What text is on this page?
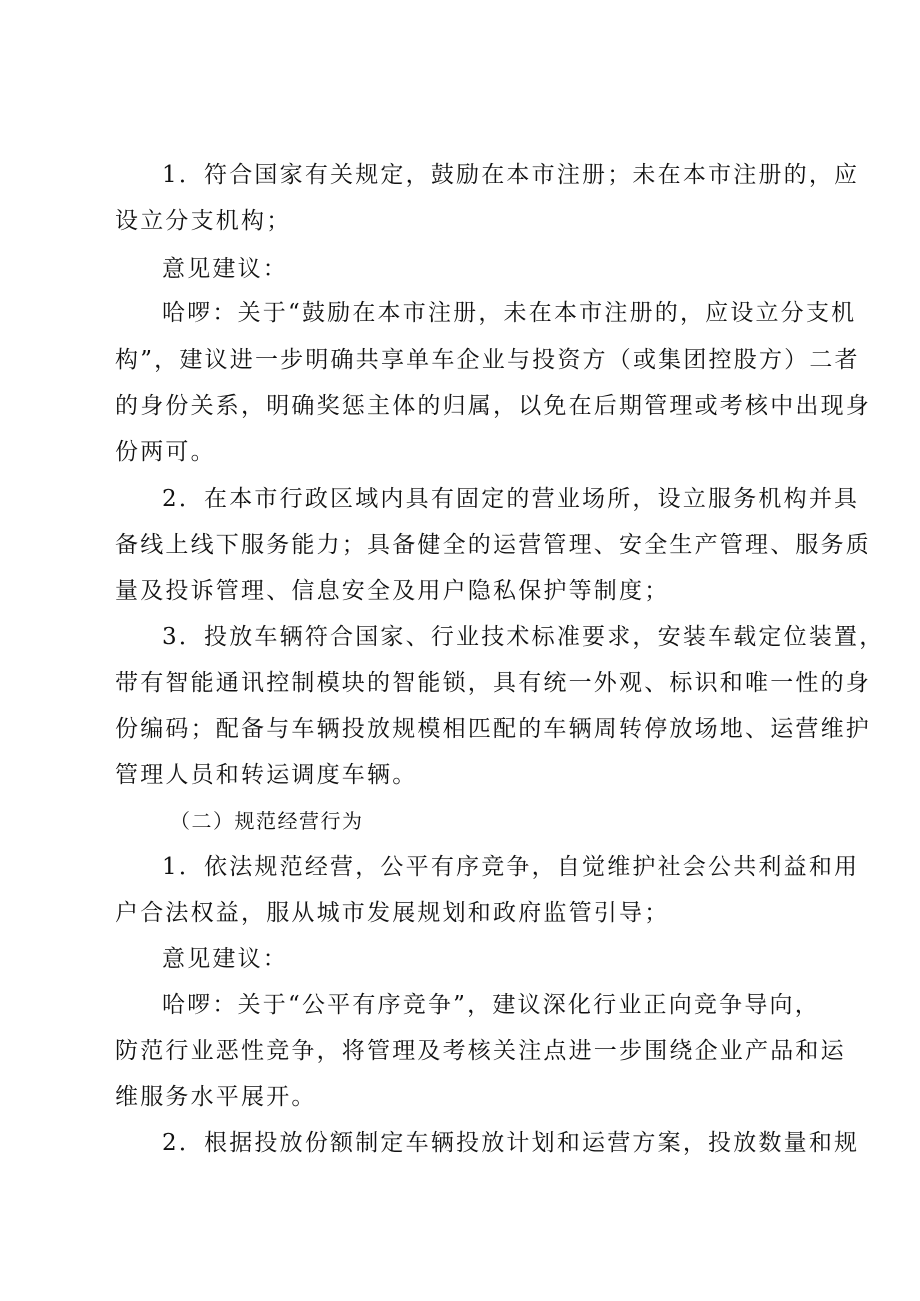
1．符合国家有关规定，鼓励在本市注册；未在本市注册的，应
设立分支机构；
意见建议：
哈啰：关于“鼓励在本市注册，未在本市注册的，应设立分支机
构”，建议进一步明确共享单车企业与投资方（或集团控股方）二者
的身份关系，明确奖惩主体的归属，以免在后期管理或考核中出现身
份两可。
2．在本市行政区域内具有固定的营业场所，设立服务机构并具
备线上线下服务能力；具备健全的运营管理、安全生产管理、服务质
量及投诉管理、信息安全及用户隐私保护等制度；
3．投放车辆符合国家、行业技术标准要求，安装车载定位装置，
带有智能通讯控制模块的智能锁，具有统一外观、标识和唯一性的身
份编码；配备与车辆投放规模相匹配的车辆周转停放场地、运营维护
管理人员和转运调度车辆。
（二）规范经营行为
1．依法规范经营，公平有序竞争，自觉维护社会公共利益和用
户合法权益，服从城市发展规划和政府监管引导；
意见建议：
哈啰：关于“公平有序竞争”，建议深化行业正向竞争导向，
防范行业恶性竞争，将管理及考核关注点进一步围绕企业产品和运
维服务水平展开。
2．根据投放份额制定车辆投放计划和运营方案，投放数量和规
